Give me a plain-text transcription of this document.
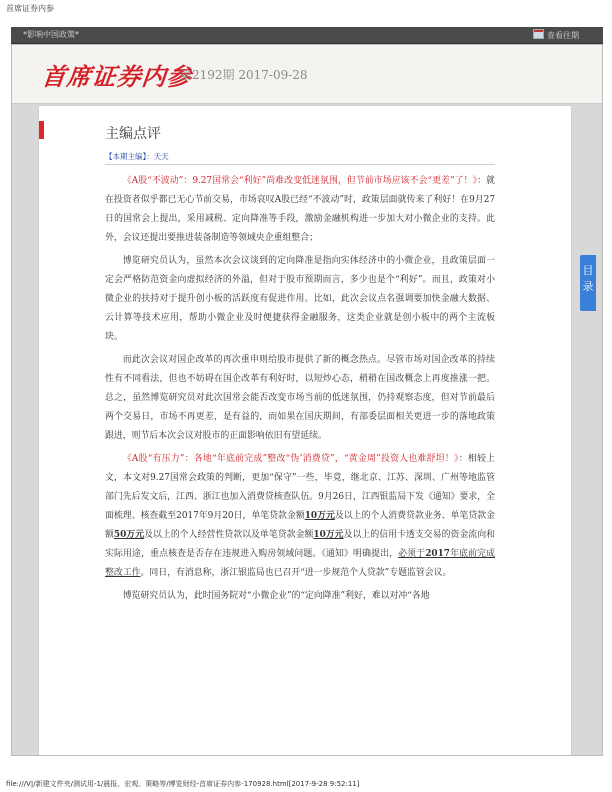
首席证券内参
*影响中国政策*	查看往期
首席证券内参
第2192期 2017-09-28
主编点评
【本期主编】：天天

《A股“不波动”：9.27国常会“利好”尚难改变低迷氛围，但节前市场应该不会“更差”了！》：就在投资者似乎都已无心节前交易，市场哀叹A股已经“不波动”时，政策层面就传来了利好！在9月27日的国常会上提出，采用减税、定向降准等手段，激励金融机构进一步加大对小微企业的支持。此外，会议还提出要推进装备制造等领域央企重组整合；

博览研究员认为，虽然本次会议谈到的定向降准是指向实体经济中的小微企业，且政策层面一定会严格防范资金向虚拟经济的外溢，但对于股市预期而言，多少也是个“利好”。而且，政策对小微企业的扶持对于提升创小板的活跃度有促进作用。比如，此次会议点名强调要加快金融大数据、云计算等技术应用，帮助小微企业及时便捷获得金融服务，这类企业就是创小板中的两个主流板块。

而此次会议对国企改革的再次重申则给股市提供了新的概念热点。尽管市场对国企改革的持续性有不同看法，但也不妨碍在国企改革有利好时，以短炒心态，稍稍在国改概念上再度推涨一把。总之，虽然博览研究员对此次国常会能否改变市场当前的低迷氛围，仍持观察态度，但对节前最后两个交易日，市场不再更差，是有益的，而如果在国庆期间，有部委层面相关更进一步的落地政策跟进，则节后本次会议对股市的正面影响依旧有望延续。

《A股“有压力”：各地“年底前完成”整改“伪’消费贷”，“黄金周”投资人也难舒坦！》：相较上文，本文对9.27国常会政策的判断，更加“保守”一些，毕竟，继北京、江苏、深圳、广州等地监管部门先后发文后，江西、浙江也加入消费贷核查队伍。9月26日，江西银监局下发《通知》要求，全面梳理、核查截至2017年9月20日，单笔贷款金额10万元及以上的个人消费贷款业务、单笔贷款金额50万元及以上的个人经营性贷款以及单笔贷款金额10万元及以上的信用卡透支交易的资金流向和实际用途，重点核查是否存在违规进入购房领域问题。《通知》明确提出，必须于2017年底前完成整改工作。同日，有消息称，浙江银监局也已召开“进一步规范个人贷款”专题监管会议。

博览研究员认为，此时国务院对“小微企业”的“定向降准”利好，难以对冲“各地

目录
file:///V|/新建文件夹/测试用-1/晨报、宏观、策略等/博览财经-首席证券内参-170928.html[2017-9-28 9:52:11]
